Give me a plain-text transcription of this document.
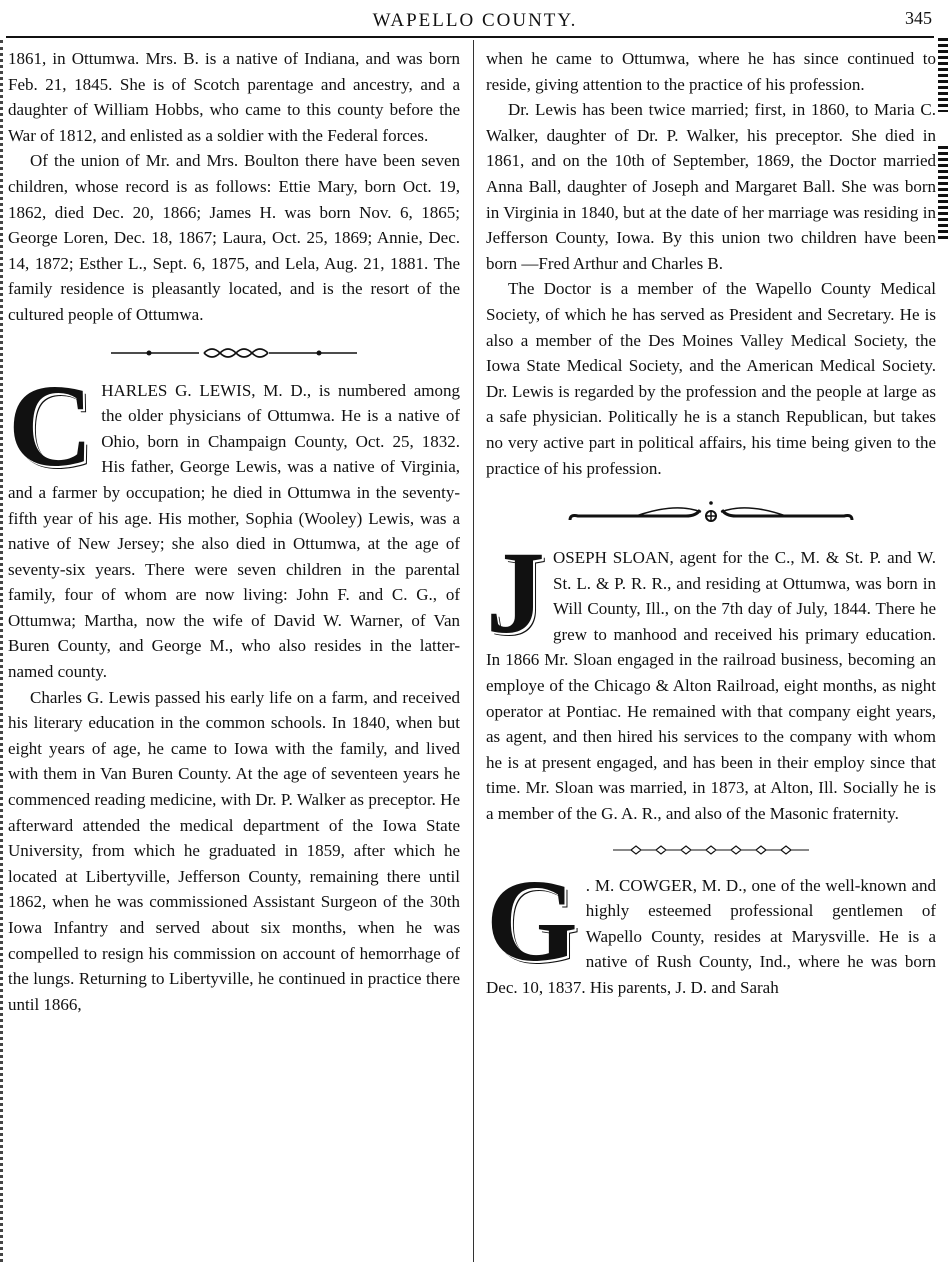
WAPELLO COUNTY.	345

1861, in Ottumwa. Mrs. B. is a native of Indiana, and was born Feb. 21, 1845. She is of Scotch parentage and ancestry, and a daughter of William Hobbs, who came to this county before the War of 1812, and enlisted as a soldier with the Federal forces.

Of the union of Mr. and Mrs. Boulton there have been seven children, whose record is as follows: Ettie Mary, born Oct. 19, 1862, died Dec. 20, 1866; James H. was born Nov. 6, 1865; George Loren, Dec. 18, 1867; Laura, Oct. 25, 1869; Annie, Dec. 14, 1872; Esther L., Sept. 6, 1875, and Lela, Aug. 21, 1881. The family residence is pleasantly located, and is the resort of the cultured people of Ottumwa.

C HARLES G. LEWIS, M. D., is numbered among the older physicians of Ottumwa. He is a native of Ohio, born in Champaign County, Oct. 25, 1832. His father, George Lewis, was a native of Virginia, and a farmer by occupation; he died in Ottumwa in the seventy-fifth year of his age. His mother, Sophia (Wooley) Lewis, was a native of New Jersey; she also died in Ottumwa, at the age of seventy-six years. There were seven children in the parental family, four of whom are now living: John F. and C. G., of Ottumwa; Martha, now the wife of David W. Warner, of Van Buren County, and George M., who also resides in the latter-named county.

Charles G. Lewis passed his early life on a farm, and received his literary education in the common schools. In 1840, when but eight years of age, he came to Iowa with the family, and lived with them in Van Buren County. At the age of seventeen years he commenced reading medicine, with Dr. P. Walker as preceptor. He afterward attended the medical department of the Iowa State University, from which he graduated in 1859, after which he located at Libertyville, Jefferson County, remaining there until 1862, when he was commissioned Assistant Surgeon of the 30th Iowa Infantry and served about six months, when he was compelled to resign his commission on account of hemorrhage of the lungs. Returning to Libertyville, he continued in practice there until 1866,

when he came to Ottumwa, where he has since continued to reside, giving attention to the practice of his profession.

Dr. Lewis has been twice married; first, in 1860, to Maria C. Walker, daughter of Dr. P. Walker, his preceptor. She died in 1861, and on the 10th of September, 1869, the Doctor married Anna Ball, daughter of Joseph and Margaret Ball. She was born in Virginia in 1840, but at the date of her marriage was residing in Jefferson County, Iowa. By this union two children have been born —Fred Arthur and Charles B.

The Doctor is a member of the Wapello County Medical Society, of which he has served as President and Secretary. He is also a member of the Des Moines Valley Medical Society, the Iowa State Medical Society, and the American Medical Society. Dr. Lewis is regarded by the profession and the people at large as a safe physician. Politically he is a stanch Republican, but takes no very active part in political affairs, his time being given to the practice of his profession.

J OSEPH SLOAN, agent for the C., M. & St. P. and W. St. L. & P. R. R., and residing at Ottumwa, was born in Will County, Ill., on the 7th day of July, 1844. There he grew to manhood and received his primary education. In 1866 Mr. Sloan engaged in the railroad business, becoming an employe of the Chicago & Alton Railroad, eight months, as night operator at Pontiac. He remained with that company eight years, as agent, and then hired his services to the company with whom he is at present engaged, and has been in their employ since that time. Mr. Sloan was married, in 1873, at Alton, Ill. Socially he is a member of the G. A. R., and also of the Masonic fraternity.

G . M. COWGER, M. D., one of the well-known and highly esteemed professional gentlemen of Wapello County, resides at Marysville. He is a native of Rush County, Ind., where he was born Dec. 10, 1837. His parents, J. D. and Sarah
